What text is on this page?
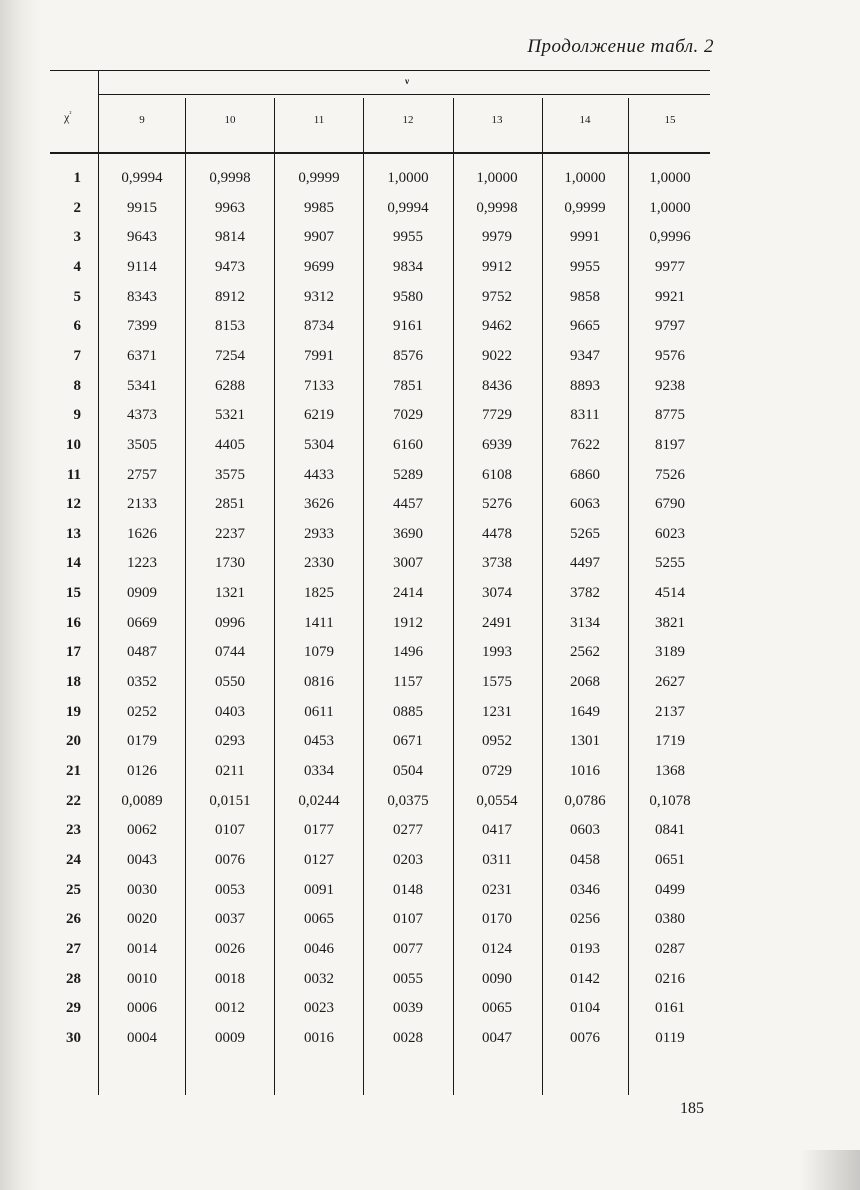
Продолжение табл. 2
$\chi^{^2}$
ν
9	10	11	12	13	14	15
1	0,9994	0,9998	0,9999	1,0000	1,0000	1,0000	1,0000
2	9915	9963	9985	0,9994	0,9998	0,9999	1,0000
3	9643	9814	9907	9955	9979	9991	0,9996
4	9114	9473	9699	9834	9912	9955	9977
5	8343	8912	9312	9580	9752	9858	9921
6	7399	8153	8734	9161	9462	9665	9797
7	6371	7254	7991	8576	9022	9347	9576
8	5341	6288	7133	7851	8436	8893	9238
9	4373	5321	6219	7029	7729	8311	8775
10	3505	4405	5304	6160	6939	7622	8197
11	2757	3575	4433	5289	6108	6860	7526
12	2133	2851	3626	4457	5276	6063	6790
13	1626	2237	2933	3690	4478	5265	6023
14	1223	1730	2330	3007	3738	4497	5255
15	0909	1321	1825	2414	3074	3782	4514
16	0669	0996	1411	1912	2491	3134	3821
17	0487	0744	1079	1496	1993	2562	3189
18	0352	0550	0816	1157	1575	2068	2627
19	0252	0403	0611	0885	1231	1649	2137
20	0179	0293	0453	0671	0952	1301	1719
21	0126	0211	0334	0504	0729	1016	1368
22	0,0089	0,0151	0,0244	0,0375	0,0554	0,0786	0,1078
23	0062	0107	0177	0277	0417	0603	0841
24	0043	0076	0127	0203	0311	0458	0651
25	0030	0053	0091	0148	0231	0346	0499
26	0020	0037	0065	0107	0170	0256	0380
27	0014	0026	0046	0077	0124	0193	0287
28	0010	0018	0032	0055	0090	0142	0216
29	0006	0012	0023	0039	0065	0104	0161
30	0004	0009	0016	0028	0047	0076	0119
185
